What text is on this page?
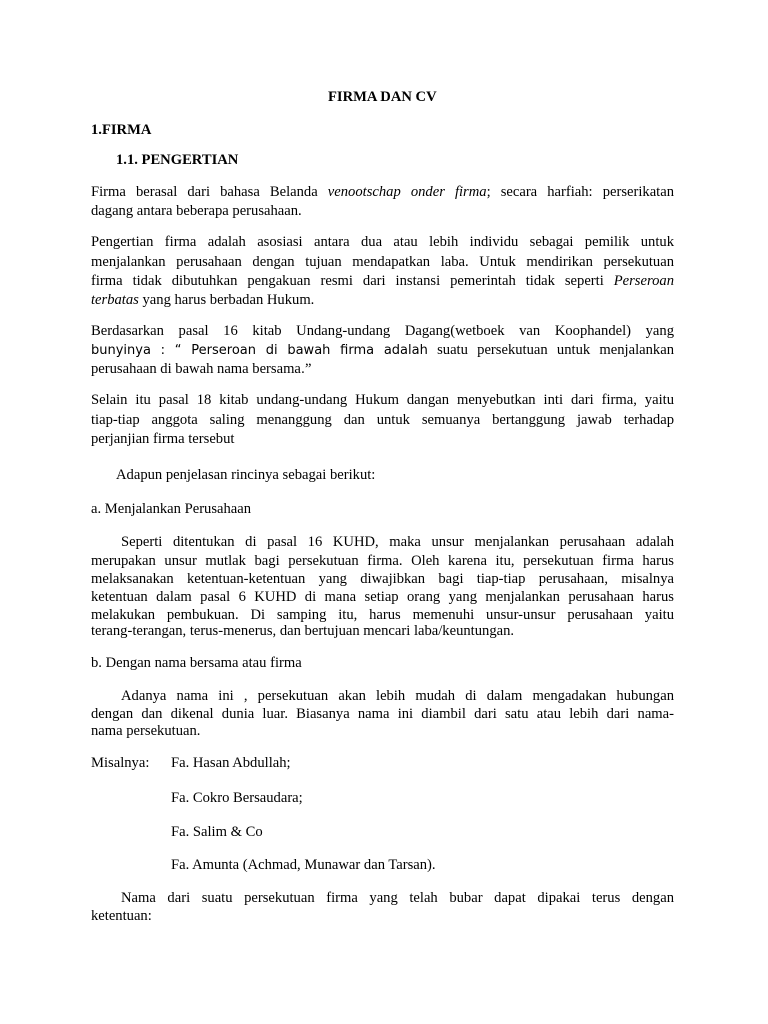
FIRMA DAN CV
1.FIRMA
1.1. PENGERTIAN
Firma berasal dari bahasa Belanda venootschap onder firma; secara harfiah: perserikatan
dagang antara beberapa perusahaan.
Pengertian firma adalah asosiasi antara dua atau lebih individu sebagai pemilik untuk
menjalankan perusahaan dengan tujuan mendapatkan laba. Untuk mendirikan persekutuan
firma tidak dibutuhkan pengakuan resmi dari instansi pemerintah tidak seperti Perseroan
terbatas yang harus berbadan Hukum.
Berdasarkan pasal 16 kitab Undang-undang Dagang(wetboek van Koophandel) yang
bunyinya : “ Perseroan di bawah firma adalah suatu persekutuan untuk menjalankan
perusahaan di bawah nama bersama.”
Selain itu pasal 18 kitab undang-undang Hukum dangan menyebutkan inti dari firma, yaitu
tiap-tiap anggota saling menanggung dan untuk semuanya bertanggung jawab terhadap
perjanjian firma tersebut
Adapun penjelasan rincinya sebagai berikut:
a. Menjalankan Perusahaan
Seperti ditentukan di pasal 16 KUHD, maka unsur menjalankan perusahaan adalah
merupakan unsur mutlak bagi persekutuan firma. Oleh karena itu, persekutuan firma harus
melaksanakan ketentuan-ketentuan yang diwajibkan bagi tiap-tiap perusahaan, misalnya
ketentuan dalam pasal 6 KUHD di mana setiap orang yang menjalankan perusahaan harus
melakukan pembukuan. Di samping itu, harus memenuhi unsur-unsur perusahaan yaitu
terang-terangan, terus-menerus, dan bertujuan mencari laba/keuntungan.
b. Dengan nama bersama atau firma
Adanya nama ini , persekutuan akan lebih mudah di dalam mengadakan hubungan
dengan dan dikenal dunia luar. Biasanya nama ini diambil dari satu atau lebih dari nama-
nama persekutuan.
Misalnya: Fa. Hasan Abdullah;
Fa. Cokro Bersaudara;
Fa. Salim & Co
Fa. Amunta (Achmad, Munawar dan Tarsan).
Nama dari suatu persekutuan firma yang telah bubar dapat dipakai terus dengan
ketentuan:
